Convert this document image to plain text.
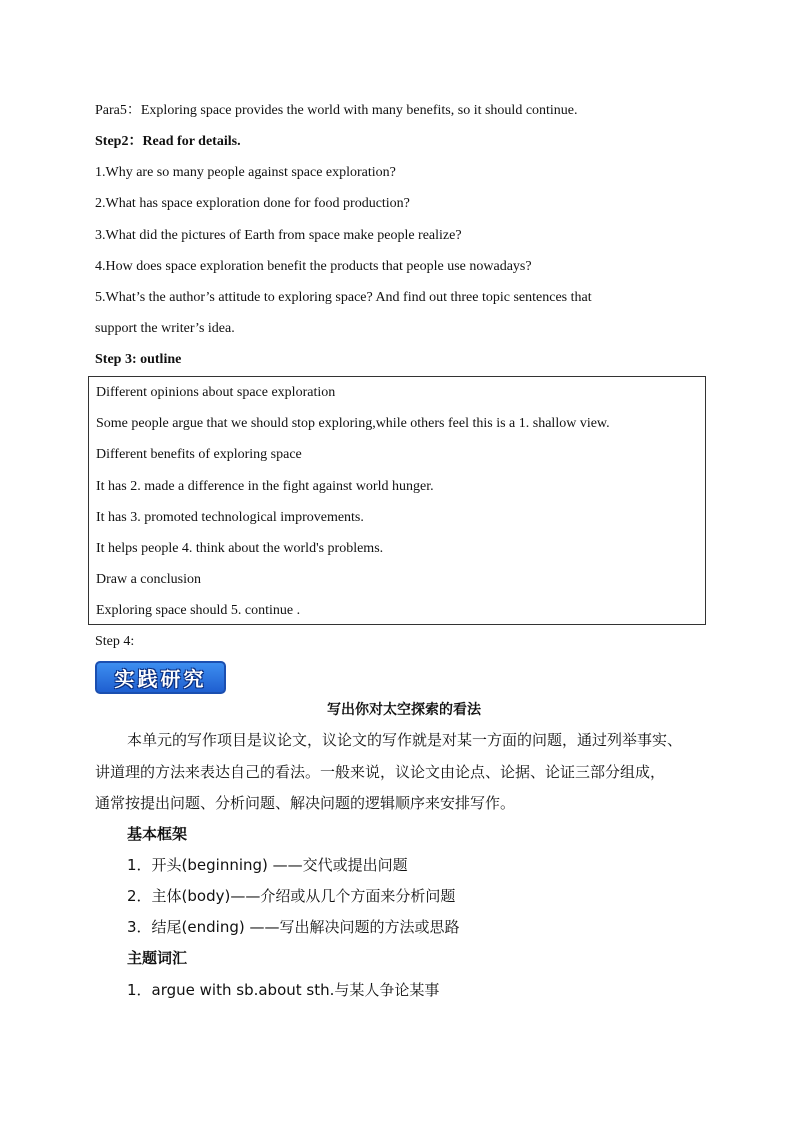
Para5：Exploring space provides the world with many benefits, so it should continue.
Step2：Read for details.
1.Why are so many people against space exploration?
2.What has space exploration done for food production?
3.What did the pictures of Earth from space make people realize?
4.How does space exploration benefit the products that people use nowadays?
5.What’s the author’s attitude to exploring space? And find out three topic sentences that
support the writer’s idea.
Step 3: outline
Different opinions about space exploration
Some people argue that we should stop exploring,while others feel this is a 1. shallow view.
Different benefits of exploring space
It has 2. made a difference in the fight against world hunger.
It has 3. promoted technological improvements.
It helps people 4. think about the world's problems.
Draw a conclusion
Exploring space should 5. continue .
Step 4:
实践研究
写出你对太空探索的看法
本单元的写作项目是议论文，议论文的写作就是对某一方面的问题，通过列举事实、
讲道理的方法来表达自己的看法。一般来说，议论文由论点、论据、论证三部分组成，
通常按提出问题、分析问题、解决问题的逻辑顺序来安排写作。
基本框架
1．开头(beginning) ——交代或提出问题
2．主体(body)——介绍或从几个方面来分析问题
3．结尾(ending) ——写出解决问题的方法或思路
主题词汇
1．argue with sb.about sth.与某人争论某事
